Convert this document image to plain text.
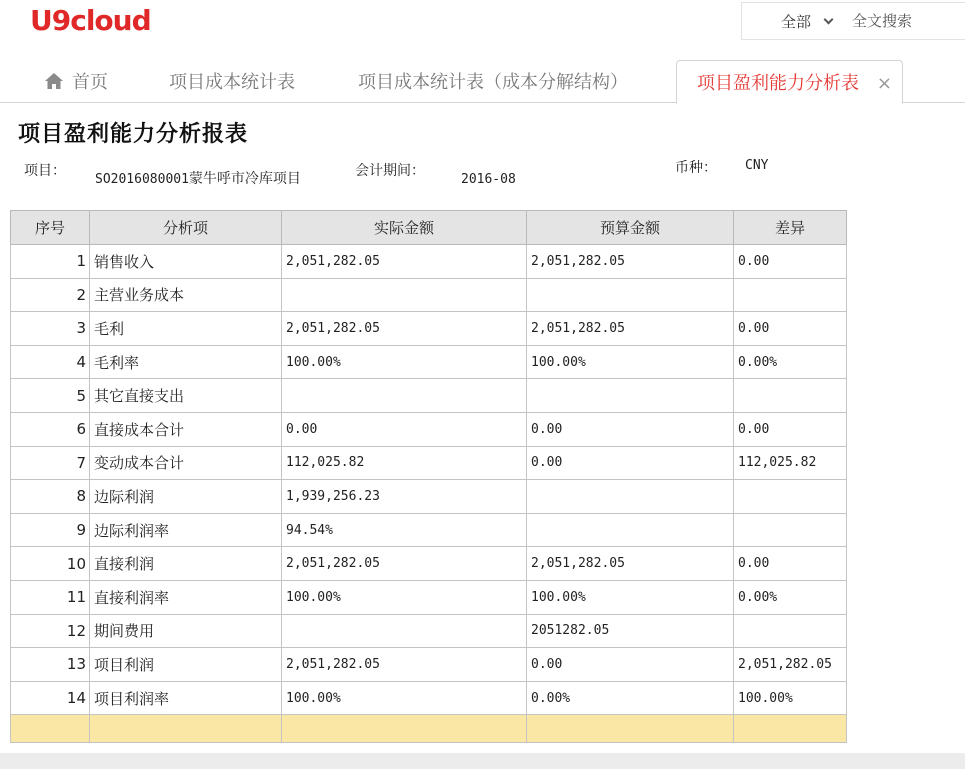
U9cloud	全部
全文搜索
首页	项目成本统计表	项目成本统计表（成本分解结构）	项目盈利能力分析表 ×
项目盈利能力分析报表
项目：
SO2016080001蒙牛呼市冷库项目	会计期间：
2016-08
币种： CNY
序号	分析项	实际金额	预算金额	差异
1	销售收入	2,051,282.05	2,051,282.05	0.00
2	主营业务成本			
3	毛利	2,051,282.05	2,051,282.05	0.00
4	毛利率	100.00%	100.00%	0.00%
5	其它直接支出			
6	直接成本合计	0.00	0.00	0.00
7	变动成本合计	112,025.82	0.00	112,025.82
8	边际利润	1,939,256.23		
9	边际利润率	94.54%		
10	直接利润	2,051,282.05	2,051,282.05	0.00
11	直接利润率	100.00%	100.00%	0.00%
12	期间费用		2051282.05	
13	项目利润	2,051,282.05	0.00	2,051,282.05
14	项目利润率	100.00%	0.00%	100.00%
